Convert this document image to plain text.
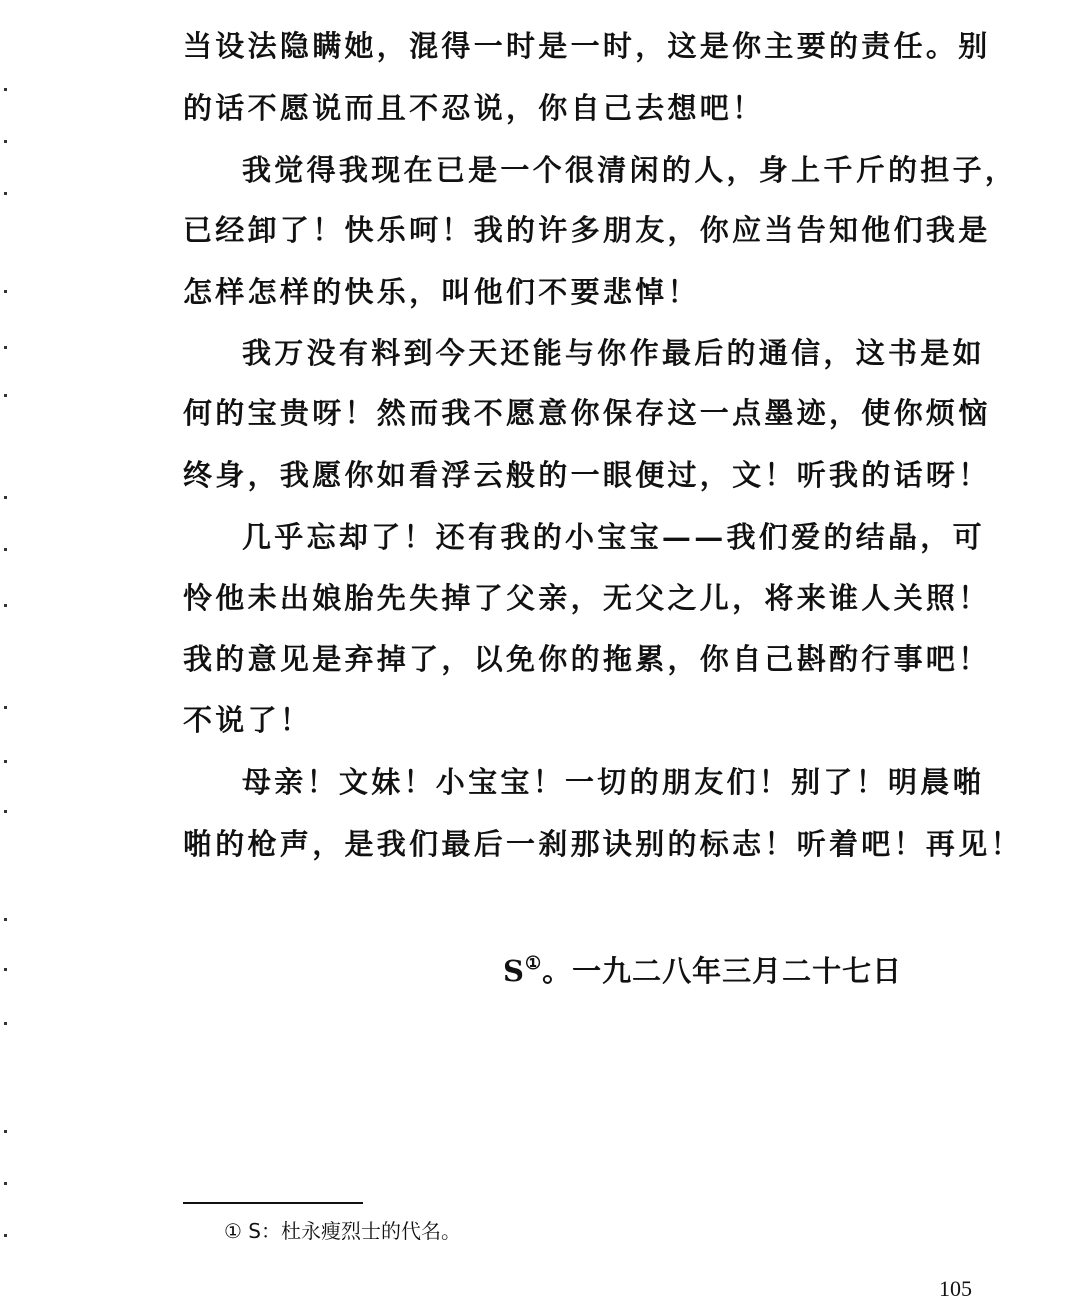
当设法隐瞒她，混得一时是一时，这是你主要的责任。别
的话不愿说而且不忍说，你自己去想吧！
我觉得我现在已是一个很清闲的人，身上千斤的担子，
已经卸了！快乐呵！我的许多朋友，你应当告知他们我是
怎样怎样的快乐，叫他们不要悲悼！
我万没有料到今天还能与你作最后的通信，这书是如
何的宝贵呀！然而我不愿意你保存这一点墨迹，使你烦恼
终身，我愿你如看浮云般的一眼便过，文！听我的话呀！
几乎忘却了！还有我的小宝宝——我们爱的结晶，可
怜他未出娘胎先失掉了父亲，无父之儿，将来谁人关照！
我的意见是弃掉了，以免你的拖累，你自己斟酌行事吧！
不说了！
母亲！文妹！小宝宝！一切的朋友们！别了！明晨啪
啪的枪声，是我们最后一刹那诀别的标志！听着吧！再见！
S①。一九二八年三月二十七日
① S：杜永瘦烈士的代名。
105
